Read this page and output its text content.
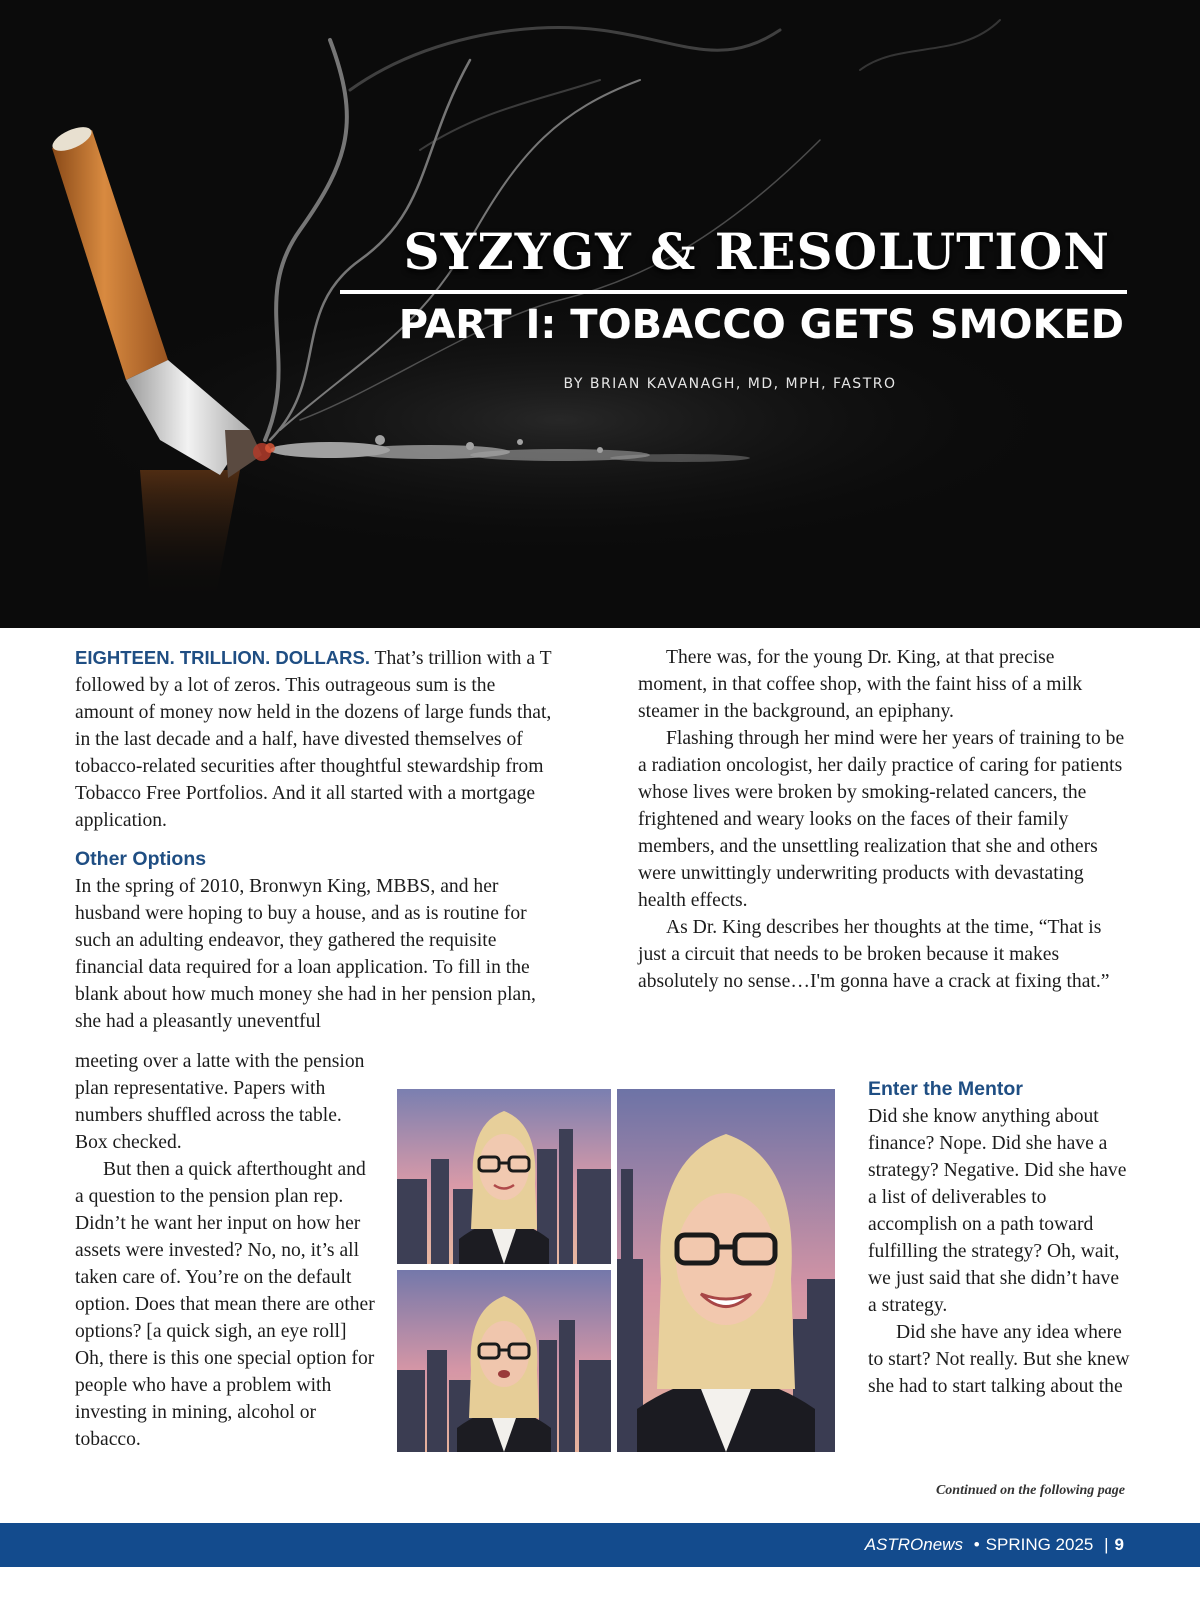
SYZYGY & RESOLUTION
PART I: TOBACCO GETS SMOKED
BY BRIAN KAVANAGH, MD, MPH, FASTRO

EIGHTEEN. TRILLION. DOLLARS. That’s trillion with a T followed by a lot of zeros. This outrageous sum is the amount of money now held in the dozens of large funds that, in the last decade and a half, have divested themselves of tobacco-related securities after thoughtful stewardship from Tobacco Free Portfolios. And it all started with a mortgage application.

Other Options

In the spring of 2010, Bronwyn King, MBBS, and her husband were hoping to buy a house, and as is routine for such an adulting endeavor, they gathered the requisite financial data required for a loan application. To fill in the blank about how much money she had in her pension plan, she had a pleasantly uneventful

There was, for the young Dr. King, at that precise moment, in that coffee shop, with the faint hiss of a milk steamer in the background, an epiphany.

Flashing through her mind were her years of training to be a radiation oncologist, her daily practice of caring for patients whose lives were broken by smoking-related cancers, the frightened and weary looks on the faces of their family members, and the unsettling realization that she and others were unwittingly underwriting products with devastating health effects.

As Dr. King describes her thoughts at the time, “That is just a circuit that needs to be broken because it makes absolutely no sense…I'm gonna have a crack at fixing that.”

meeting over a latte with the pension plan representative. Papers with numbers shuffled across the table. Box checked.

But then a quick afterthought and a question to the pension plan rep. Didn’t he want her input on how her assets were invested? No, no, it’s all taken care of. You’re on the default option. Does that mean there are other options? [a quick sigh, an eye roll] Oh, there is this one special option for people who have a problem with investing in mining, alcohol or tobacco.

Enter the Mentor

Did she know anything about finance? Nope. Did she have a strategy? Negative. Did she have a list of deliverables to accomplish on a path toward fulfilling the strategy? Oh, wait, we just said that she didn’t have a strategy.

Did she have any idea where to start? Not really. But she knew she had to start talking about the

Continued on the following page
ASTROnews • SPRING 2025 | 9
